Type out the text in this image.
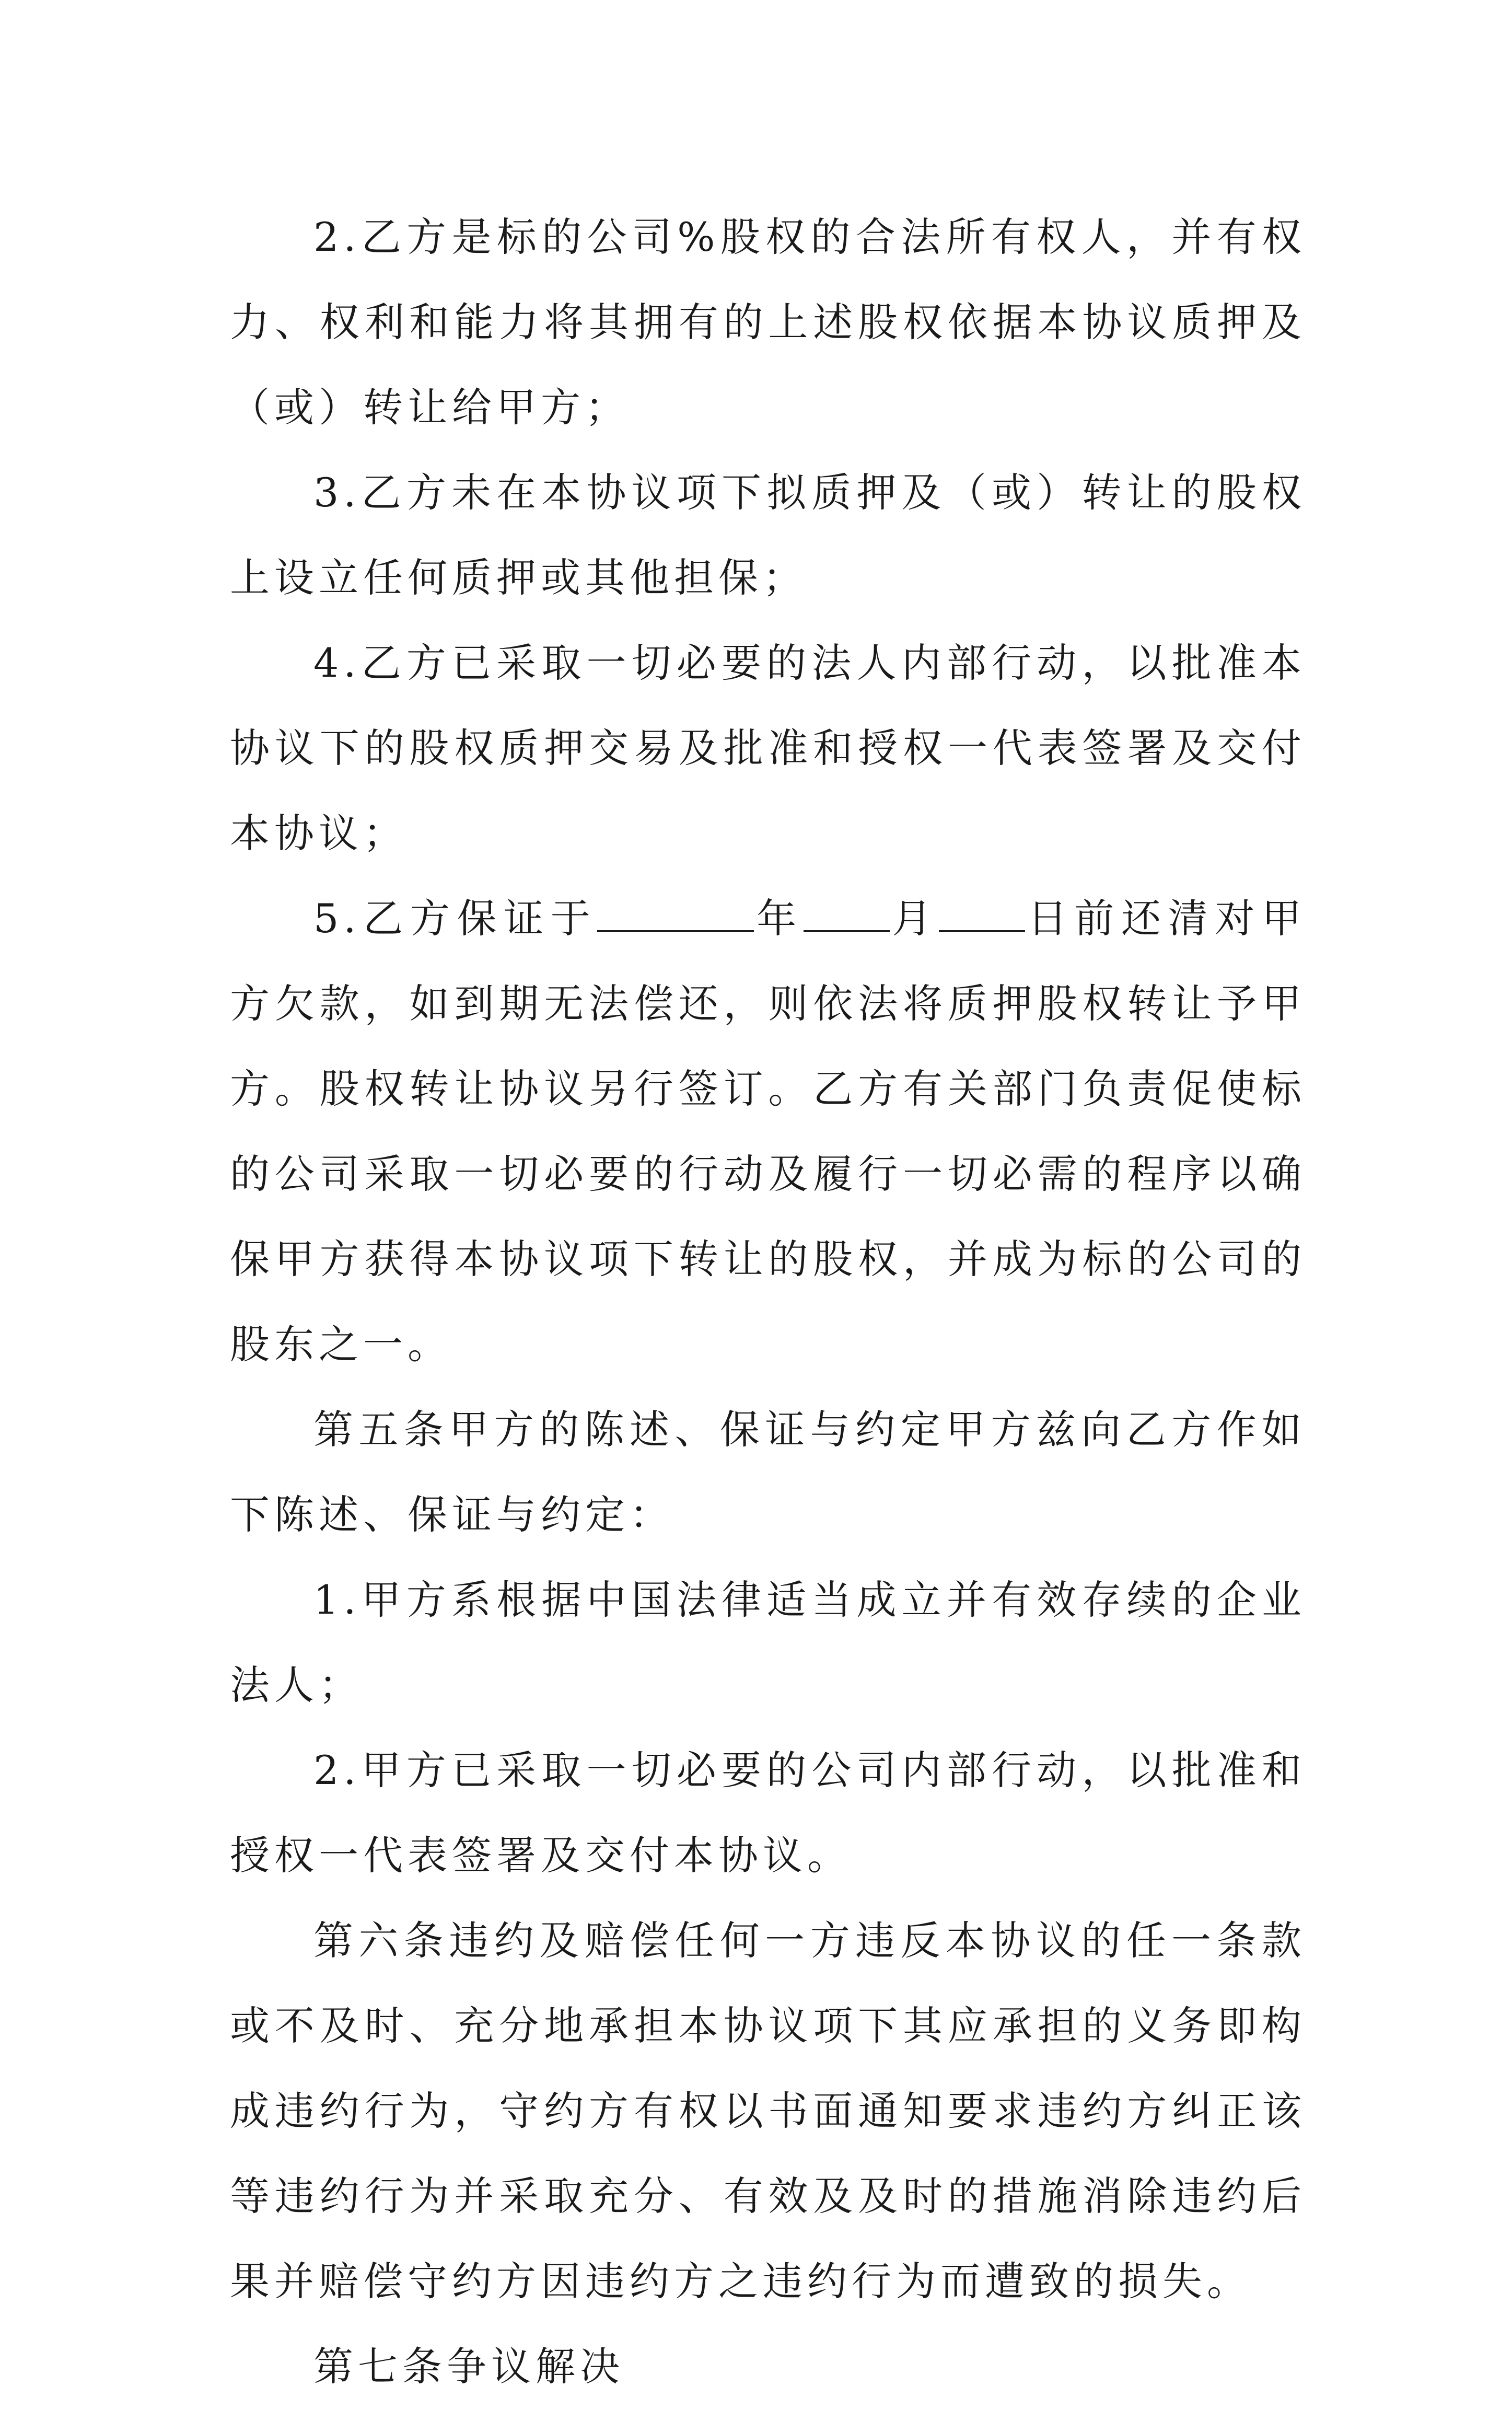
2.乙方是标的公司%股权的合法所有权人，并有权力、权利和能力将其拥有的上述股权依据本协议质押及（或）转让给甲方；

3.乙方未在本协议项下拟质押及（或）转让的股权上设立任何质押或其他担保；

4.乙方已采取一切必要的法人内部行动，以批准本协议下的股权质押交易及批准和授权一代表签署及交付本协议；

5.乙方保证于	年 月 日前还清对甲方欠款，如到期无法偿还，则依法将质押股权转让予甲方。股权转让协议另行签订。乙方有关部门负责促使标的公司采取一切必要的行动及履行一切必需的程序以确保甲方获得本协议项下转让的股权，并成为标的公司的股东之一。

第五条甲方的陈述、保证与约定甲方兹向乙方作如下陈述、保证与约定：

1.甲方系根据中国法律适当成立并有效存续的企业法人；

2.甲方已采取一切必要的公司内部行动，以批准和授权一代表签署及交付本协议。

第六条违约及赔偿任何一方违反本协议的任一条款或不及时、充分地承担本协议项下其应承担的义务即构成违约行为，守约方有权以书面通知要求违约方纠正该等违约行为并采取充分、有效及及时的措施消除违约后果并赔偿守约方因违约方之违约行为而遭致的损失。

第七条争议解决
